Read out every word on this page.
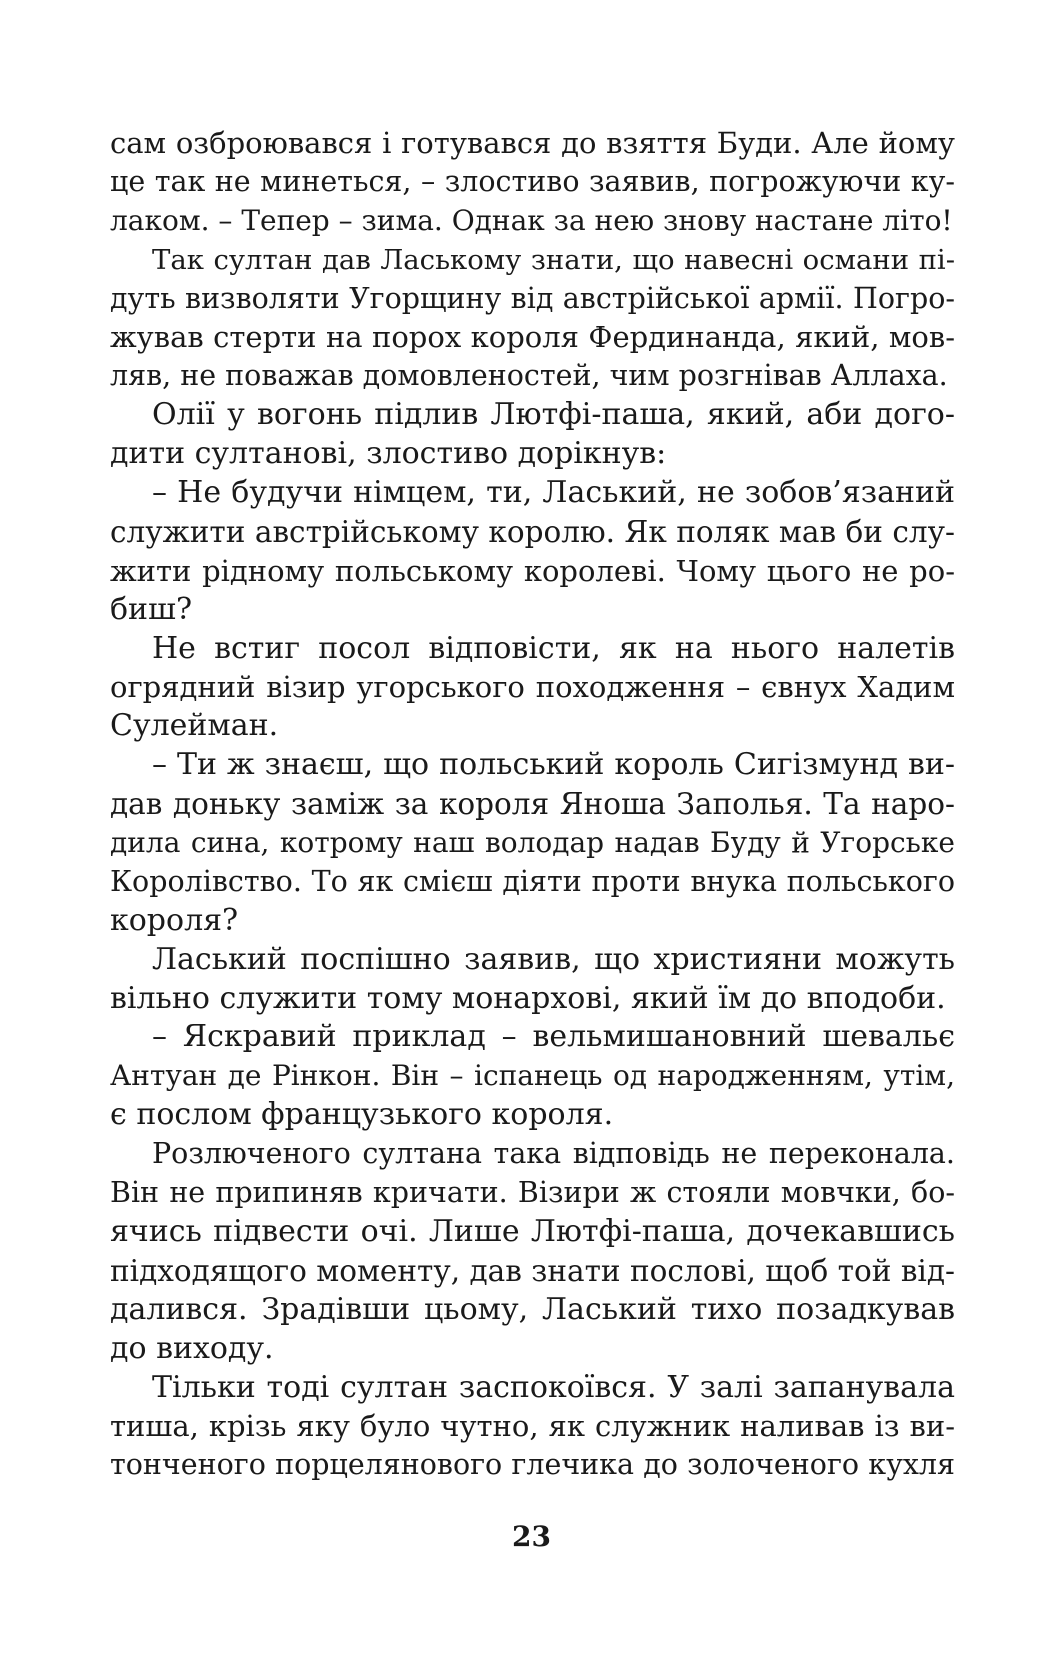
сам озброювався і готувався до взяття Буди. Але йому
це так не минеться, – злостиво заявив, погрожуючи ку-
лаком. – Тепер – зима. Однак за нею знову настане літо!
Так султан дав Лаському знати, що навесні османи пі-
дуть визволяти Угорщину від австрійської армії. Погро-
жував стерти на порох короля Фердинанда, який, мов-
ляв, не поважав домовленостей, чим розгнівав Аллаха.
Олії у вогонь підлив Лютфі-паша, який, аби дого-
дити султанові, злостиво дорікнув:
– Не будучи німцем, ти, Ласький, не зобов’язаний
служити австрійському королю. Як поляк мав би слу-
жити рідному польському королеві. Чому цього не ро-
биш?
Не встиг посол відповісти, як на нього налетів
огрядний візир угорського походження – євнух Хадим
Сулейман.
– Ти ж знаєш, що польський король Сигізмунд ви-
дав доньку заміж за короля Яноша Заполья. Та наро-
дила сина, котрому наш володар надав Буду й Угорське
Королівство. То як смієш діяти проти внука польського
короля?
Ласький поспішно заявив, що християни можуть
вільно служити тому монархові, який їм до вподоби.
– Яскравий приклад – вельмишановний шевальє
Антуан де Рінкон. Він – іспанець од народженням, утім,
є послом французького короля.
Розлюченого султана така відповідь не переконала.
Він не припиняв кричати. Візири ж стояли мовчки, бо-
ячись підвести очі. Лише Лютфі-паша, дочекавшись
підходящого моменту, дав знати послові, щоб той від-
далився. Зрадівши цьому, Ласький тихо позадкував
до виходу.
Тільки тоді султан заспокоївся. У залі запанувала
тиша, крізь яку було чутно, як служник наливав із ви-
тонченого порцелянового глечика до золоченого кухля
23
